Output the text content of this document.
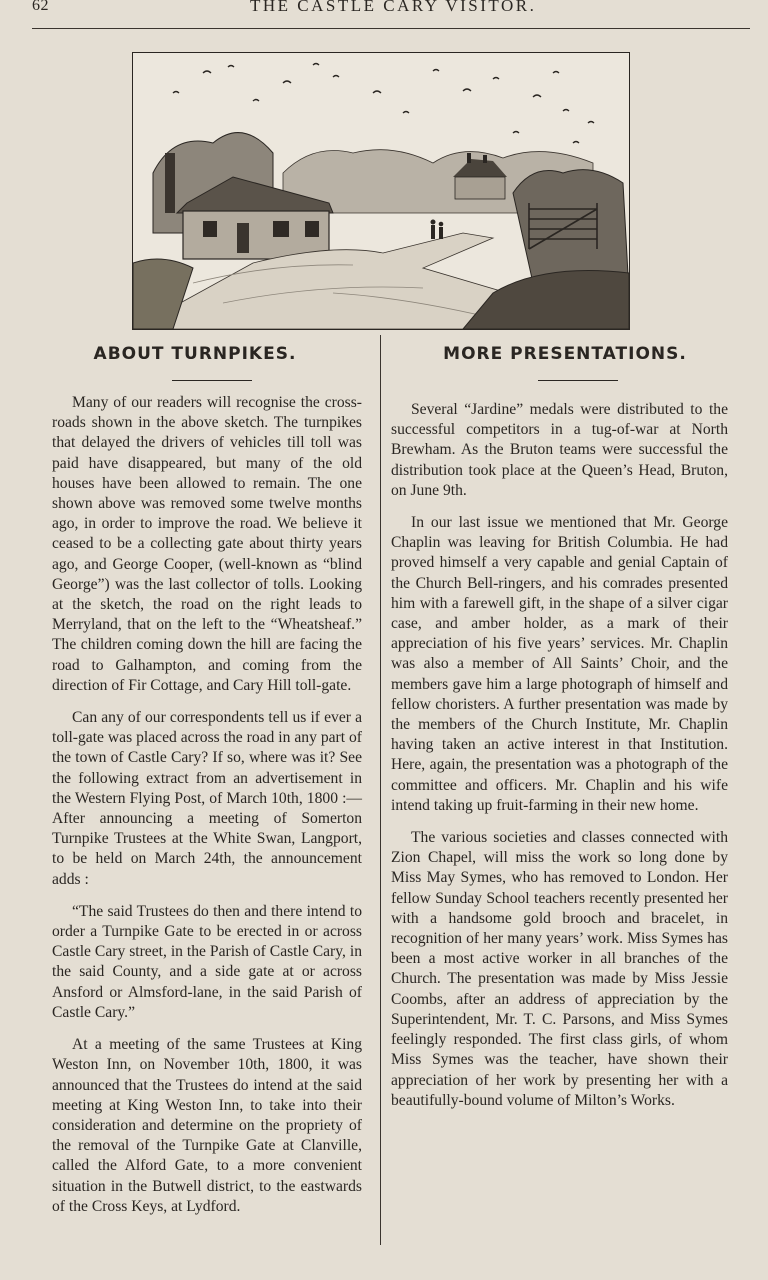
62	THE CASTLE CARY VISITOR.
ABOUT TURNPIKES.	MORE PRESENTATIONS.

Many of our readers will recognise the cross-roads shown in the above sketch. The turnpikes that delayed the drivers of vehicles till toll was paid have disappeared, but many of the old houses have been allowed to remain. The one shown above was removed some twelve months ago, in order to improve the road. We believe it ceased to be a collecting gate about thirty years ago, and George Cooper, (well-known as “blind George”) was the last collector of tolls. Looking at the sketch, the road on the right leads to Merryland, that on the left to the “Wheatsheaf.” The children coming down the hill are facing the road to Galhampton, and coming from the direction of Fir Cottage, and Cary Hill toll-gate.

Can any of our correspondents tell us if ever a toll-gate was placed across the road in any part of the town of Castle Cary? If so, where was it? See the following extract from an advertisement in the Western Flying Post, of March 10th, 1800 :—After announcing a meeting of Somerton Turnpike Trustees at the White Swan, Langport, to be held on March 24th, the announcement adds :

“The said Trustees do then and there intend to order a Turnpike Gate to be erected in or across Castle Cary street, in the Parish of Castle Cary, in the said County, and a side gate at or across Ansford or Almsford-lane, in the said Parish of Castle Cary.”

At a meeting of the same Trustees at King Weston Inn, on November 10th, 1800, it was announced that the Trustees do intend at the said meeting at King Weston Inn, to take into their consideration and determine on the propriety of the removal of the Turnpike Gate at Clanville, called the Alford Gate, to a more convenient situation in the Butwell district, to the eastwards of the Cross Keys, at Lydford.

Several “Jardine” medals were distributed to the successful competitors in a tug-of-war at North Brewham. As the Bruton teams were successful the distribution took place at the Queen’s Head, Bruton, on June 9th.

In our last issue we mentioned that Mr. George Chaplin was leaving for British Columbia. He had proved himself a very capable and genial Captain of the Church Bell-ringers, and his comrades presented him with a farewell gift, in the shape of a silver cigar case, and amber holder, as a mark of their appreciation of his five years’ services. Mr. Chaplin was also a member of All Saints’ Choir, and the members gave him a large photograph of himself and fellow choristers. A further presentation was made by the members of the Church Institute, Mr. Chaplin having taken an active interest in that Institution. Here, again, the presentation was a photograph of the committee and officers. Mr. Chaplin and his wife intend taking up fruit-farming in their new home.

The various societies and classes connected with Zion Chapel, will miss the work so long done by Miss May Symes, who has removed to London. Her fellow Sunday School teachers recently presented her with a handsome gold brooch and bracelet, in recognition of her many years’ work. Miss Symes has been a most active worker in all branches of the Church. The presentation was made by Miss Jessie Coombs, after an address of appreciation by the Superintendent, Mr. T. C. Parsons, and Miss Symes feelingly responded. The first class girls, of whom Miss Symes was the teacher, have shown their appreciation of her work by presenting her with a beautifully-bound volume of Milton’s Works.
